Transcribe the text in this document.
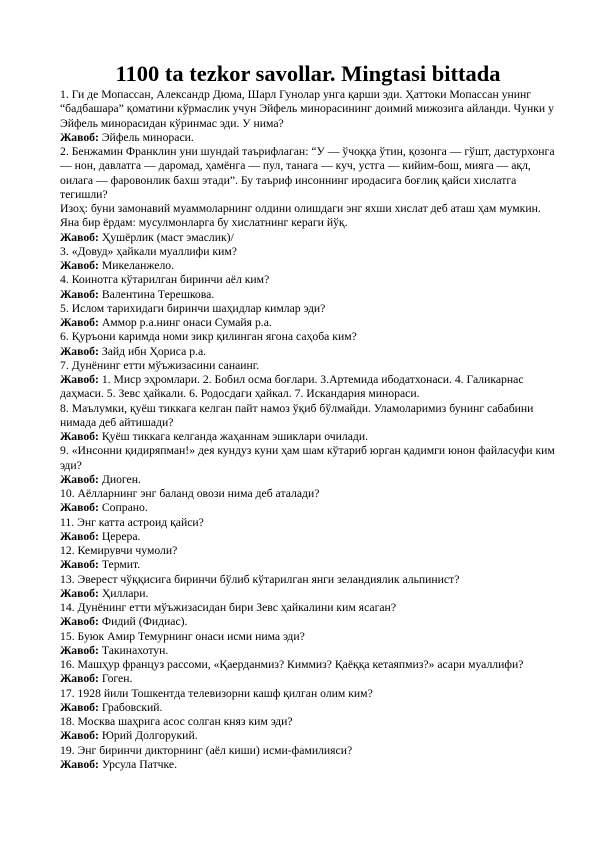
1100 ta tezkor savollar. Mingtasi bittada

1. Ги де Мопассан, Александр Дюма, Шарл Гунолар унга қарши эди. Ҳаттоки Мопассан унинг “бадбашара” қоматини кўрмаслик учун Эйфель минорасининг доимий мижозига айланди. Чунки у Эйфель минорасидан кўринмас эди. У нима?

Жавоб: Эйфель минораси.

2. Бенжамин Франклин уни шундай таърифлаган: “У — ўчоққа ўтин, қозонга — гўшт, дастурхонга — нон, давлатга — даромад, ҳамёнга — пул, танага — куч, устга — кийим-бош, мияга — ақл, оилага — фаровонлик бахш этади”. Бу таъриф инсоннинг иродасига боғлиқ қайси хислатга тегишли?

Изоҳ: буни замонавий муаммоларнинг олдини олишдаги энг яхши хислат деб аташ ҳам мумкин. Яна бир ёрдам: мусулмонларга бу хислатнинг кераги йўқ.

Жавоб: Ҳушёрлик (маст эмаслик)/

3. «Довуд» ҳайкали муаллифи ким?

Жавоб: Микеланжело.

4. Коинотга кўтарилган биринчи аёл ким?

Жавоб: Валентина Терешкова.

5. Ислом тарихидаги биринчи шаҳидлар кимлар эди?

Жавоб: Аммор р.а.нинг онаси Сумайя р.а.

6. Қуръони каримда номи зикр қилинган ягона саҳоба ким?

Жавоб: Зайд ибн Ҳориса р.а.

7. Дунёнинг етти мўъжизасини санаинг.

Жавоб: 1. Миср эҳромлари. 2. Бобил осма боғлари. 3.Артемида ибодатхонаси. 4. Галикарнас даҳмаси. 5. Зевс ҳайкали. 6. Родосдаги ҳайкал. 7. Искандария минораси.

8. Маълумки, қуёш тиккага келган пайт намоз ўқиб бўлмайди. Уламоларимиз бунинг сабабини нимада деб айтишади?

Жавоб: Қуёш тиккага келганда жаҳаннам эшиклари очилади.

9. «Инсонни қидиряпман!» дея кундуз куни ҳам шам кўтариб юрган қадимги юнон файласуфи ким эди?

Жавоб: Диоген.

10. Аёлларнинг энг баланд овози нима деб аталади?

Жавоб: Сопрано.

11. Энг катта астроид қайси?

Жавоб: Церера.

12. Кемирувчи чумоли?

Жавоб: Термит.

13. Эверест чўққисига биринчи бўлиб кўтарилган янги зеландиялик альпинист?

Жавоб: Ҳиллари.

14. Дунёнинг етти мўъжизасидан бири Зевс ҳайкалини ким ясаган?

Жавоб: Фидий (Фидиас).

15. Буюк Амир Темурнинг онаси исми нима эди?

Жавоб: Такинахотун.

16. Машҳур француз рассоми, «Қаерданмиз? Киммиз? Қаёққа кетаяпмиз?» асари муаллифи?

Жавоб: Гоген.

17. 1928 йили Тошкентда телевизорни кашф қилган олим ким?

Жавоб: Грабовский.

18. Москва шаҳрига асос солган княз ким эди?

Жавоб: Юрий Долгорукий.

19. Энг биринчи дикторнинг (аёл киши) исми-фамилияси?

Жавоб: Урсула Патчке.
